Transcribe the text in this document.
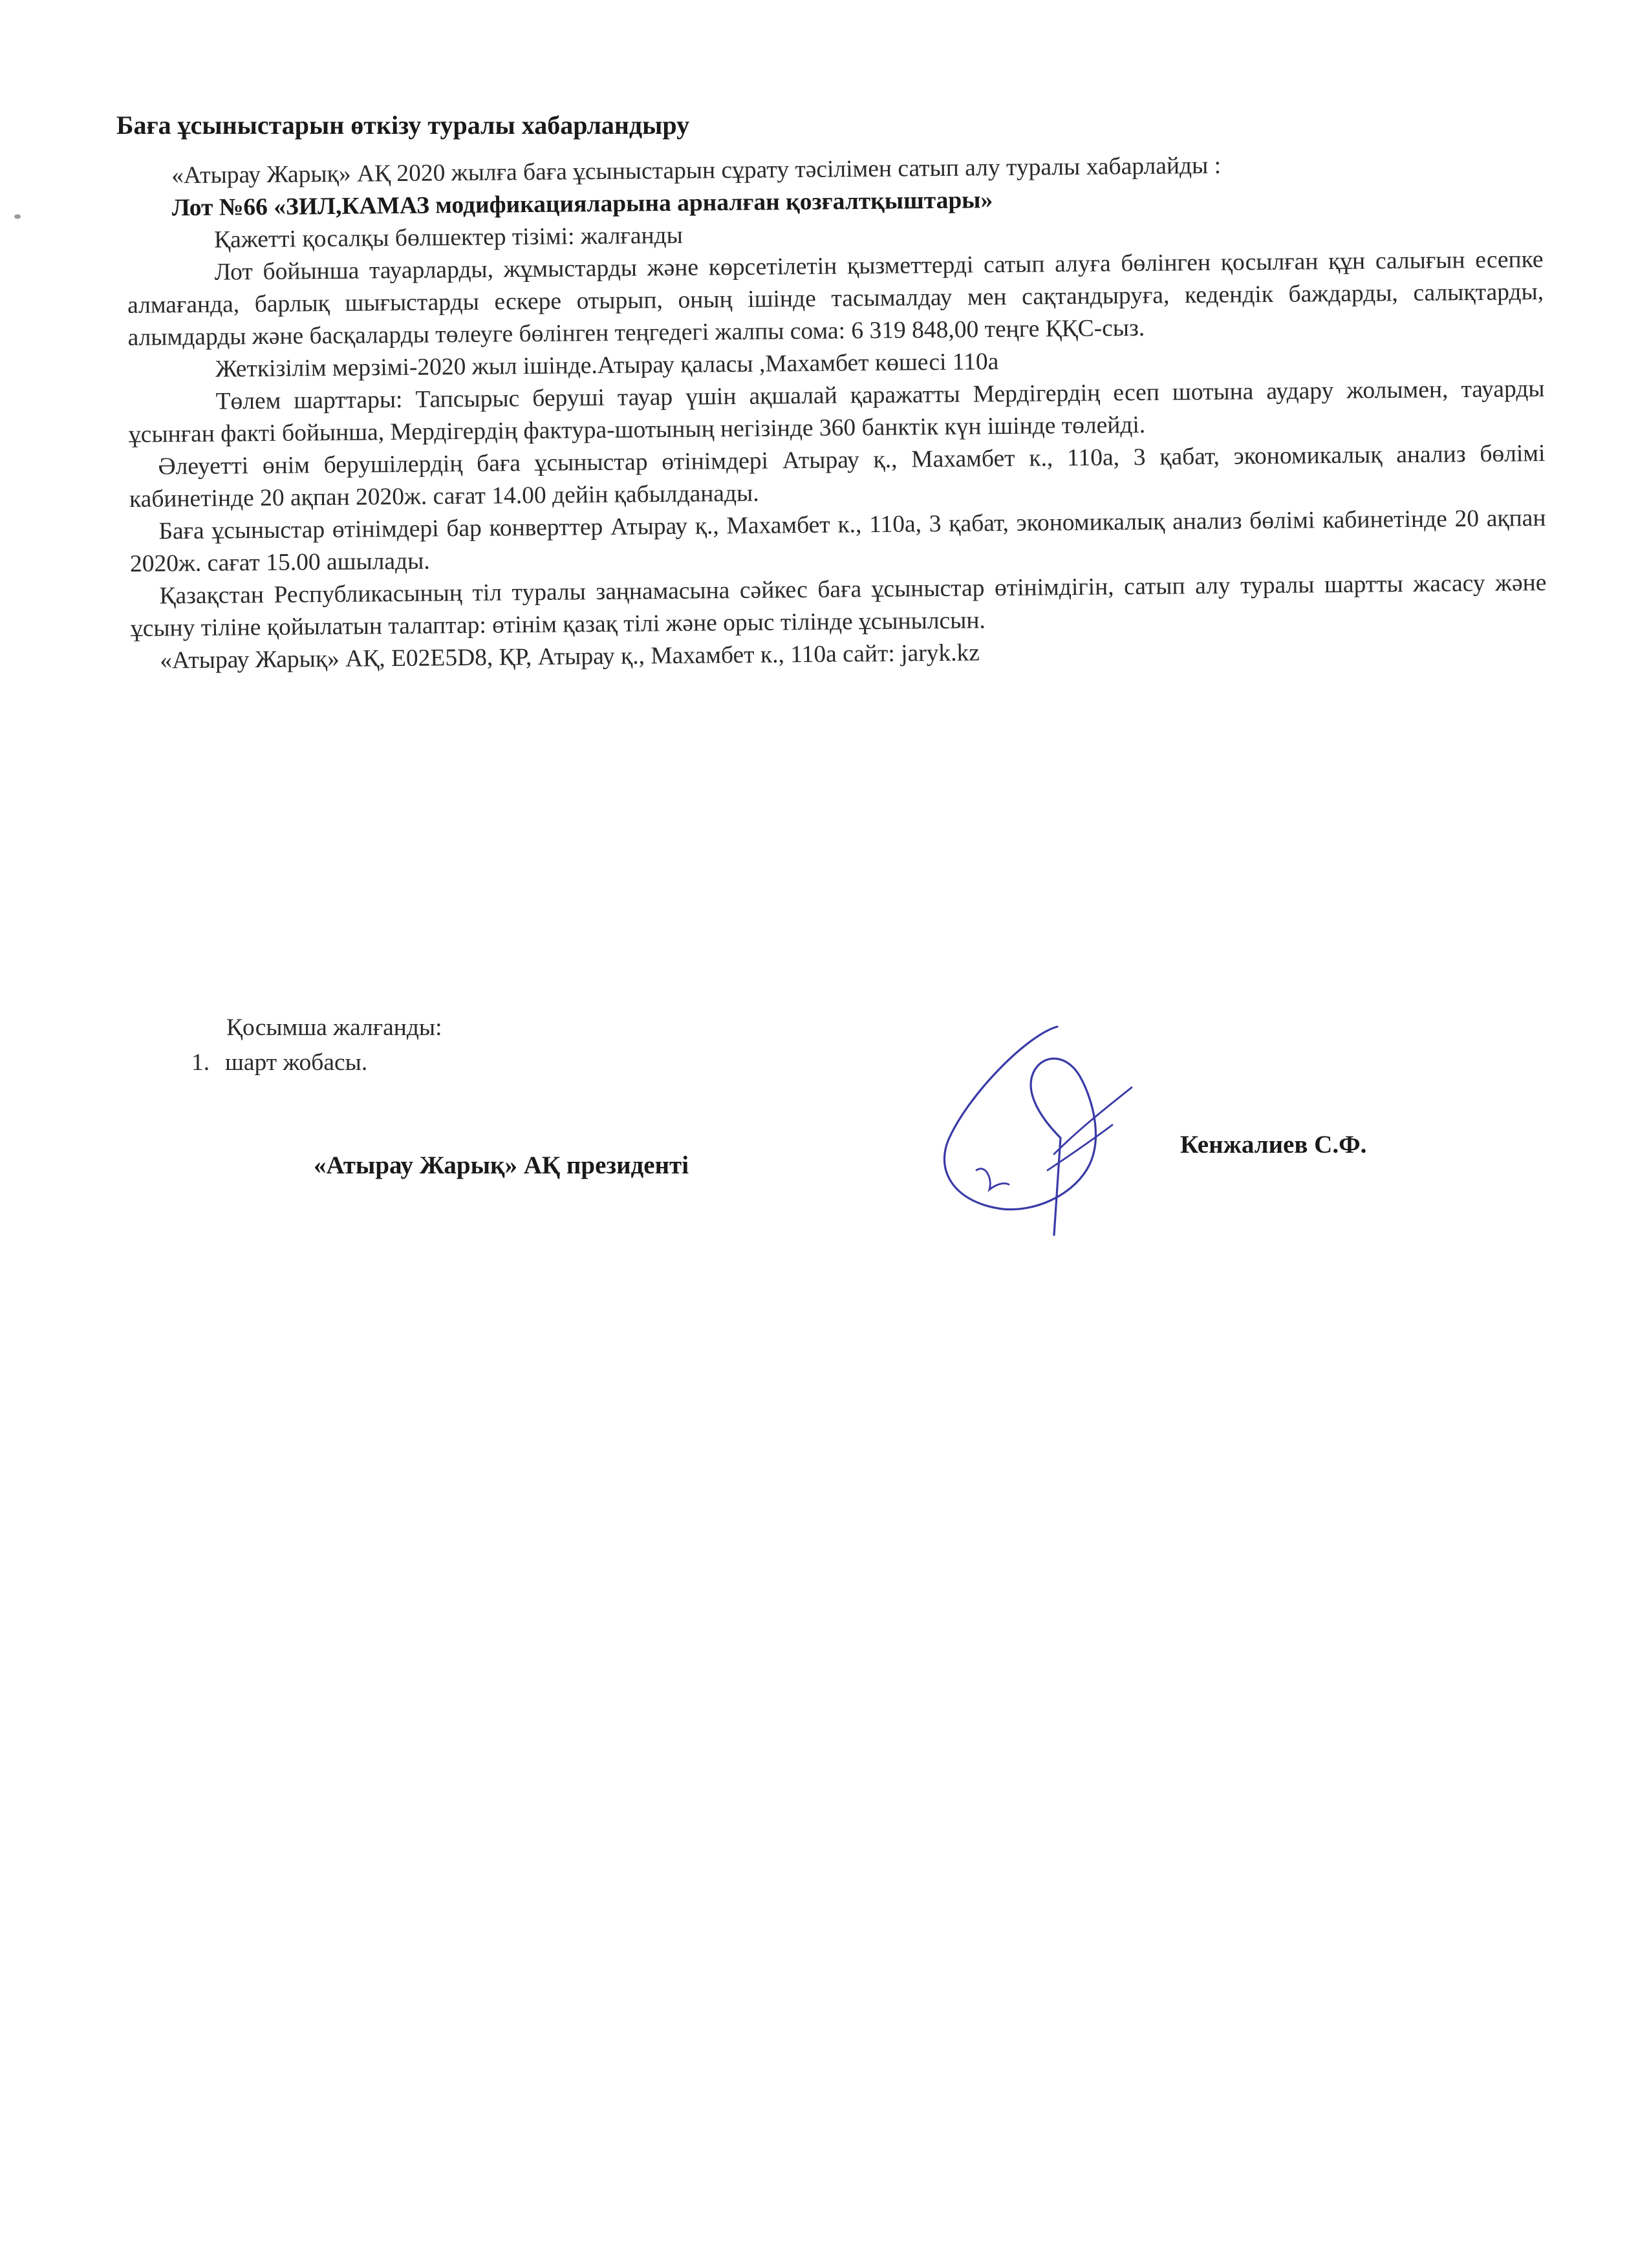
Баға ұсыныстарын өткізу туралы хабарландыру

«Атырау Жарық» АҚ 2020 жылға баға ұсыныстарын сұрату тәсілімен сатып алу туралы хабарлайды :

Лот №66 «ЗИЛ,КАМАЗ модификацияларына арналған қозғалтқыштары»

Қажетті қосалқы бөлшектер тізімі: жалғанды

Лот бойынша тауарларды, жұмыстарды және көрсетілетін қызметтерді сатып алуға бөлінген қосылған құн салығын есепке алмағанда, барлық шығыстарды ескере отырып, оның ішінде тасымалдау мен сақтандыруға, кедендік баждарды, салықтарды, алымдарды және басқаларды төлеуге бөлінген теңгедегі жалпы сома: 6 319 848,00 теңге ҚҚС-сыз.

Жеткізілім мерзімі-2020 жыл ішінде.Атырау қаласы ,Махамбет көшесі 110а

Төлем шарттары: Тапсырыс беруші тауар үшін ақшалай қаражатты Мердігердің есеп шотына аудару жолымен, тауарды ұсынған факті бойынша, Мердігердің фактура-шотының негізінде 360 банктік күн ішінде төлейді.

Әлеуетті өнім берушілердің баға ұсыныстар өтінімдері Атырау қ., Махамбет к., 110а, 3 қабат, экономикалық анализ бөлімі кабинетінде 20 ақпан 2020ж. сағат 14.00 дейін қабылданады.

Баға ұсыныстар өтінімдері бар конверттер Атырау қ., Махамбет к., 110а, 3 қабат, экономикалық анализ бөлімі кабинетінде 20 ақпан 2020ж. сағат 15.00 ашылады.

Қазақстан Республикасының тіл туралы заңнамасына сәйкес баға ұсыныстар өтінімдігін, сатып алу туралы шартты жасасу және ұсыну тіліне қойылатын талаптар: өтінім қазақ тілі және орыс тілінде ұсынылсын.

«Атырау Жарық» АҚ, E02E5D8, ҚР, Атырау қ., Махамбет к., 110а сайт: jaryk.kz

Қосымша жалғанды:
1. шарт жобасы.
«Атырау Жарық» АҚ президенті
Кенжалиев С.Ф.
